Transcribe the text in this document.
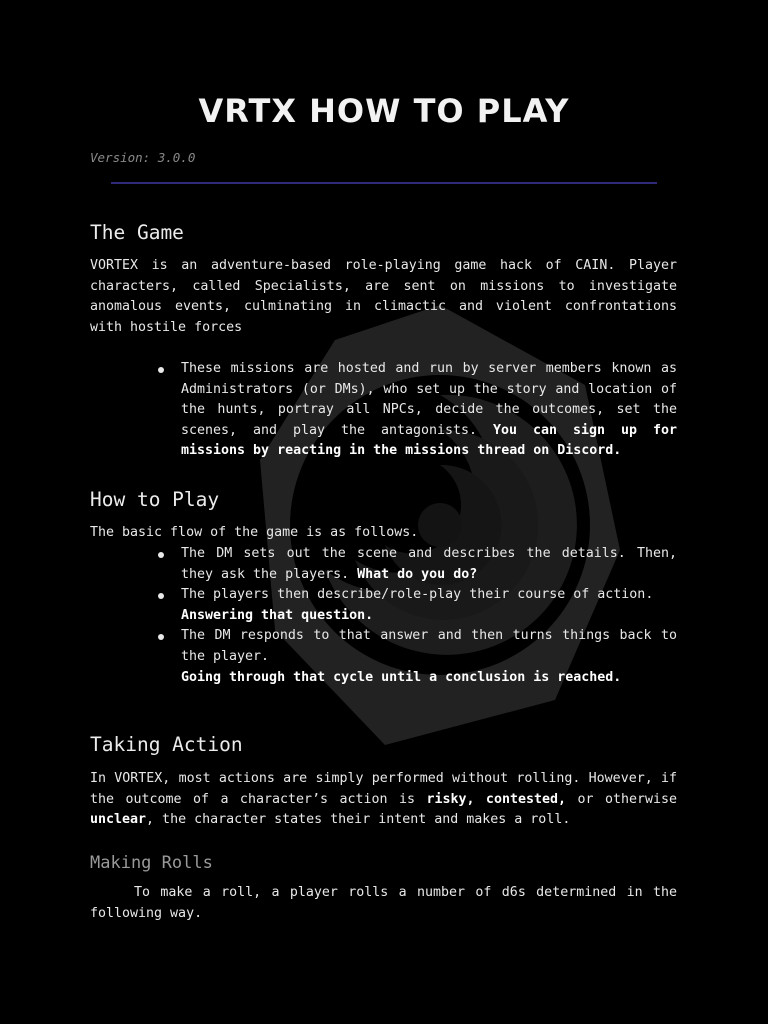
VRTX HOW TO PLAY
Version: 3.0.0
The Game
VORTEX is an adventure-based role-playing game hack of CAIN. Player characters, called Specialists, are sent on missions to investigate anomalous events, culminating in climactic and violent confrontations with hostile forces
These missions are hosted and run by server members known as Administrators (or DMs), who set up the story and location of the hunts, portray all NPCs, decide the outcomes, set the scenes, and play the antagonists. You can sign up for missions by reacting in the missions thread on Discord.
How to Play
The basic flow of the game is as follows.
The DM sets out the scene and describes the details. Then, they ask the players. What do you do?
The players then describe/role-play their course of action.
Answering that question.
The DM responds to that answer and then turns things back to the player.
Going through that cycle until a conclusion is reached.
Taking Action
In VORTEX, most actions are simply performed without rolling. However, if the outcome of a character’s action is risky, contested, or otherwise unclear, the character states their intent and makes a roll.
Making Rolls
To make a roll, a player rolls a number of d6s determined in the following way.
